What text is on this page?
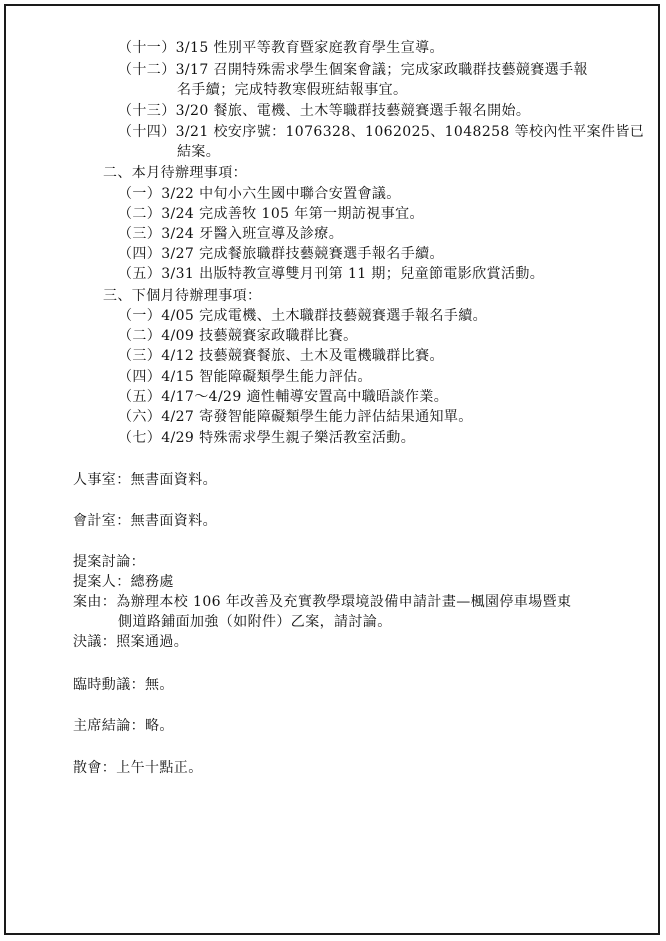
（十一）3/15 性別平等教育暨家庭教育學生宣導。
（十二）3/17 召開特殊需求學生個案會議；完成家政職群技藝競賽選手報
名手續；完成特教寒假班結報事宜。
（十三）3/20 餐旅、電機、土木等職群技藝競賽選手報名開始。
（十四）3/21 校安序號：1076328、1062025、1048258 等校內性平案件皆已
結案。
二、本月待辦理事項：
（一）3/22 中旬小六生國中聯合安置會議。
（二）3/24 完成善牧 105 年第一期訪視事宜。
（三）3/24 牙醫入班宣導及診療。
（四）3/27 完成餐旅職群技藝競賽選手報名手續。
（五）3/31 出版特教宣導雙月刊第 11 期；兒童節電影欣賞活動。
三、下個月待辦理事項：
（一）4/05 完成電機、土木職群技藝競賽選手報名手續。
（二）4/09 技藝競賽家政職群比賽。
（三）4/12 技藝競賽餐旅、土木及電機職群比賽。
（四）4/15 智能障礙類學生能力評估。
（五）4/17～4/29 適性輔導安置高中職晤談作業。
（六）4/27 寄發智能障礙類學生能力評估結果通知單。
（七）4/29 特殊需求學生親子樂活教室活動。
人事室：無書面資料。
會計室：無書面資料。
提案討論：
提案人：總務處
案由：為辦理本校 106 年改善及充實教學環境設備申請計畫—楓園停車場暨東
側道路鋪面加強（如附件）乙案，請討論。
決議：照案通過。
臨時動議：無。
主席結論：略。
散會：上午十點正。
